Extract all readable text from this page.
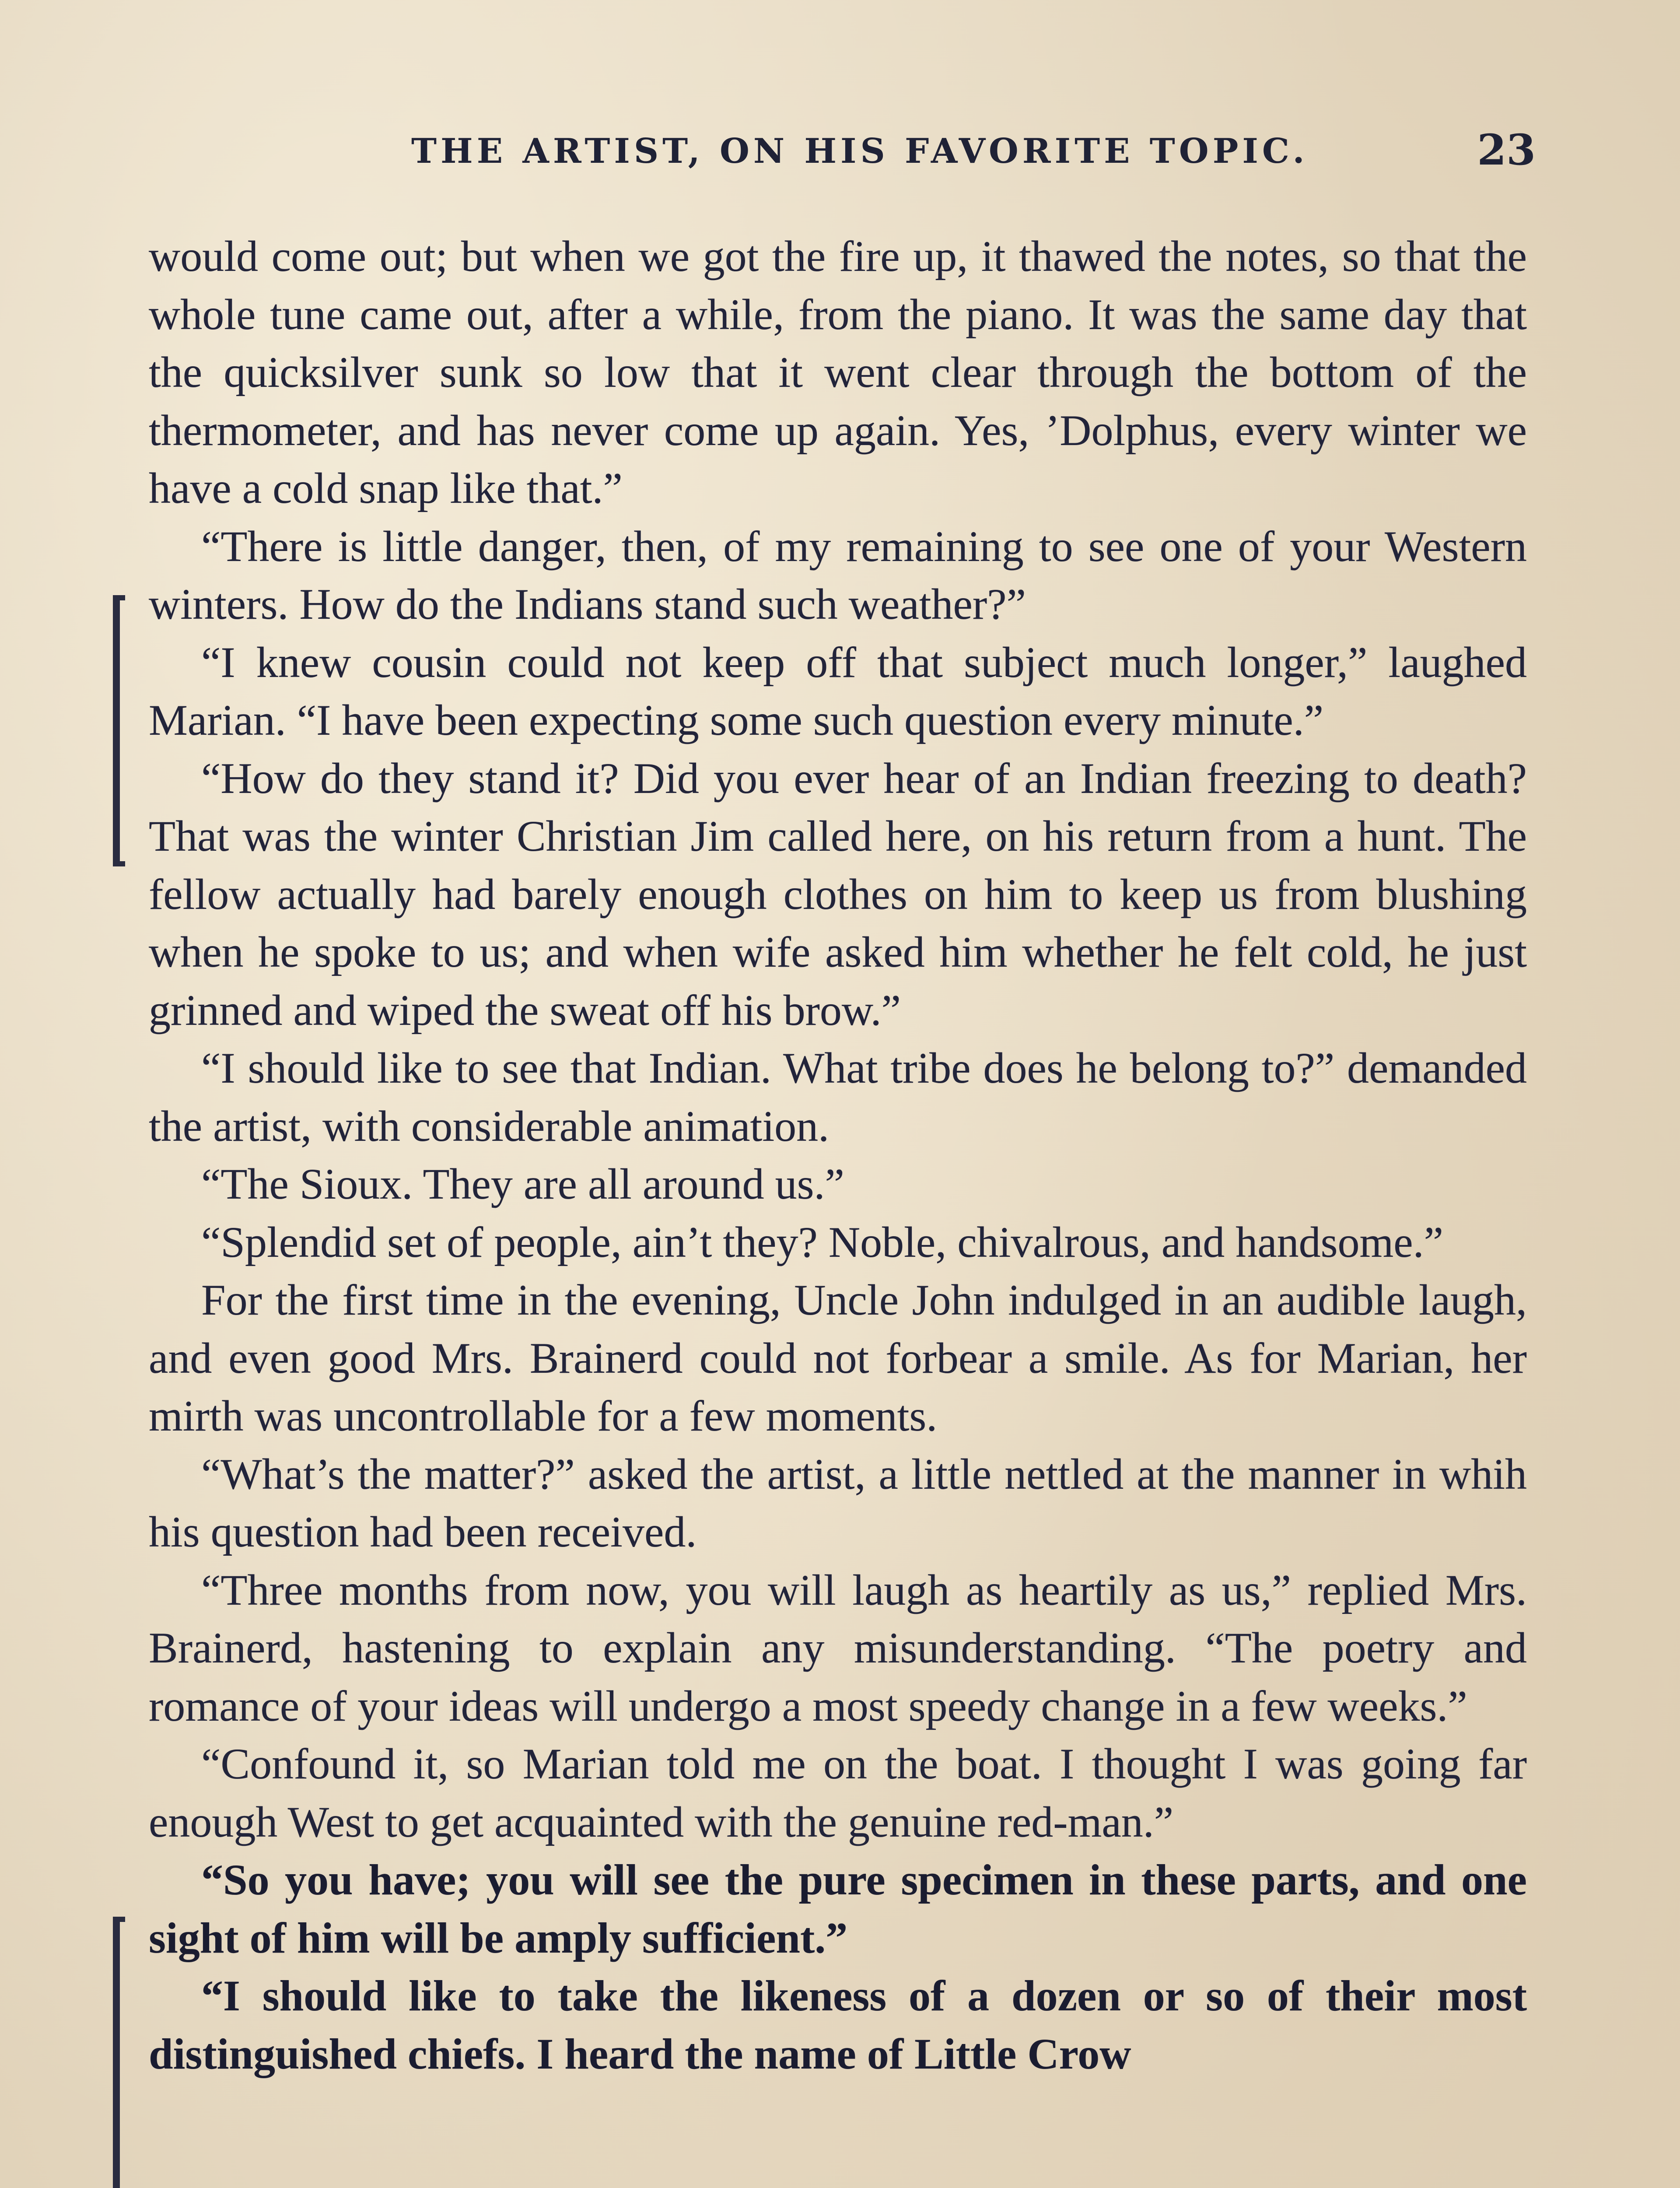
THE ARTIST, ON HIS FAVORITE TOPIC.	23

would come out; but when we got the fire up, it thawed the notes, so that the whole tune came out, after a while, from the piano. It was the same day that the quicksilver sunk so low that it went clear through the bottom of the thermometer, and has never come up again. Yes, ’Dolphus, every winter we have a cold snap like that.”

“There is little danger, then, of my remaining to see one of your Western winters. How do the Indians stand such weather?”

“I knew cousin could not keep off that subject much longer,” laughed Marian. “I have been expecting some such question every minute.”

“How do they stand it? Did you ever hear of an Indian freezing to death? That was the winter Christian Jim called here, on his return from a hunt. The fellow actually had barely enough clothes on him to keep us from blushing when he spoke to us; and when wife asked him whether he felt cold, he just grinned and wiped the sweat off his brow.”

“I should like to see that Indian. What tribe does he belong to?” demanded the artist, with considerable animation.

“The Sioux. They are all around us.”

“Splendid set of people, ain’t they? Noble, chivalrous, and handsome.”

For the first time in the evening, Uncle John indulged in an audible laugh, and even good Mrs. Brainerd could not forbear a smile. As for Marian, her mirth was uncontrollable for a few moments.

“What’s the matter?” asked the artist, a little nettled at the manner in whih his question had been received.

“Three months from now, you will laugh as heartily as us,” replied Mrs. Brainerd, hastening to explain any misunderstanding. “The poetry and romance of your ideas will undergo a most speedy change in a few weeks.”

“Confound it, so Marian told me on the boat. I thought I was going far enough West to get acquainted with the genuine red-man.”

“So you have; you will see the pure specimen in these parts, and one sight of him will be amply sufficient.”

“I should like to take the likeness of a dozen or so of their most distinguished chiefs. I heard the name of Little Crow
